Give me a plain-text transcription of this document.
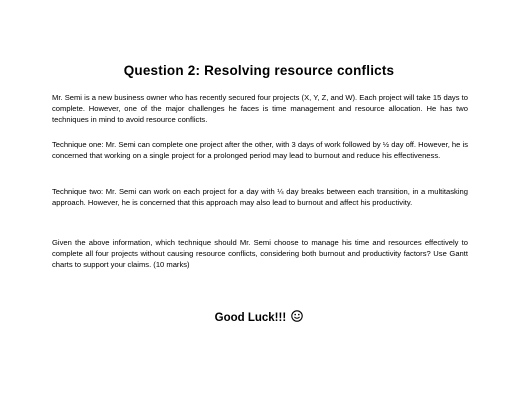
Question 2: Resolving resource conflicts

Mr. Semi is a new business owner who has recently secured four projects (X, Y, Z, and W). Each project will take 15 days to complete. However, one of the major challenges he faces is time management and resource allocation. He has two techniques in mind to avoid resource conflicts.

Technique one: Mr. Semi can complete one project after the other, with 3 days of work followed by ½ day off. However, he is concerned that working on a single project for a prolonged period may lead to burnout and reduce his effectiveness.

Technique two: Mr. Semi can work on each project for a day with ¼ day breaks between each transition, in a multitasking approach. However, he is concerned that this approach may also lead to burnout and affect his productivity.

Given the above information, which technique should Mr. Semi choose to manage his time and resources effectively to complete all four projects without causing resource conflicts, considering both burnout and productivity factors? Use Gantt charts to support your claims. (10 marks)

Good Luck!!!
